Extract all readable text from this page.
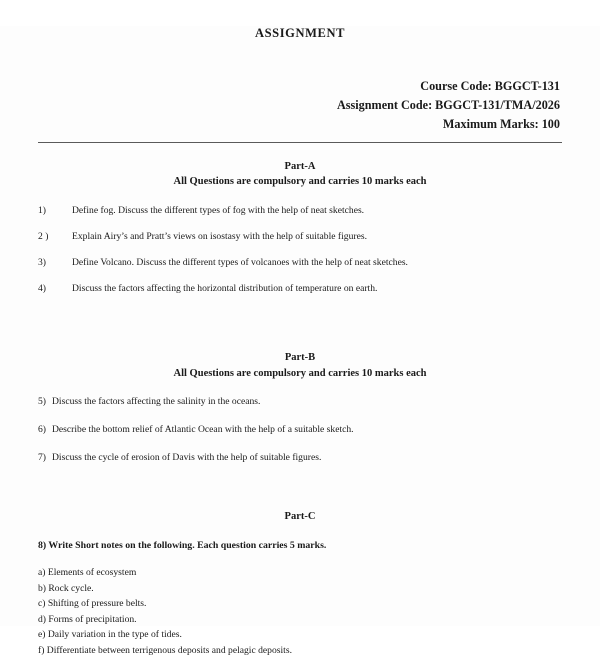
ASSIGNMENT
Course Code: BGGCT-131
Assignment Code: BGGCT-131/TMA/2026
Maximum Marks: 100
Part-A
All Questions are compulsory and carries 10 marks each
1)	Define fog. Discuss the different types of fog with the help of neat sketches.
2 )	Explain Airy’s and Pratt’s views on isostasy with the help of suitable figures.
3)	Define Volcano. Discuss the different types of volcanoes with the help of neat sketches.
4)	Discuss the factors affecting the horizontal distribution of temperature on earth.
Part-B
All Questions are compulsory and carries 10 marks each
5) Discuss the factors affecting the salinity in the oceans.
6) Describe the bottom relief of Atlantic Ocean with the help of a suitable sketch.
7) Discuss the cycle of erosion of Davis with the help of suitable figures.
Part-C
8) Write Short notes on the following. Each question carries 5 marks.
a) Elements of ecosystem
b) Rock cycle.
c) Shifting of pressure belts.
d) Forms of precipitation.
e) Daily variation in the type of tides.
f) Differentiate between terrigenous deposits and pelagic deposits.
